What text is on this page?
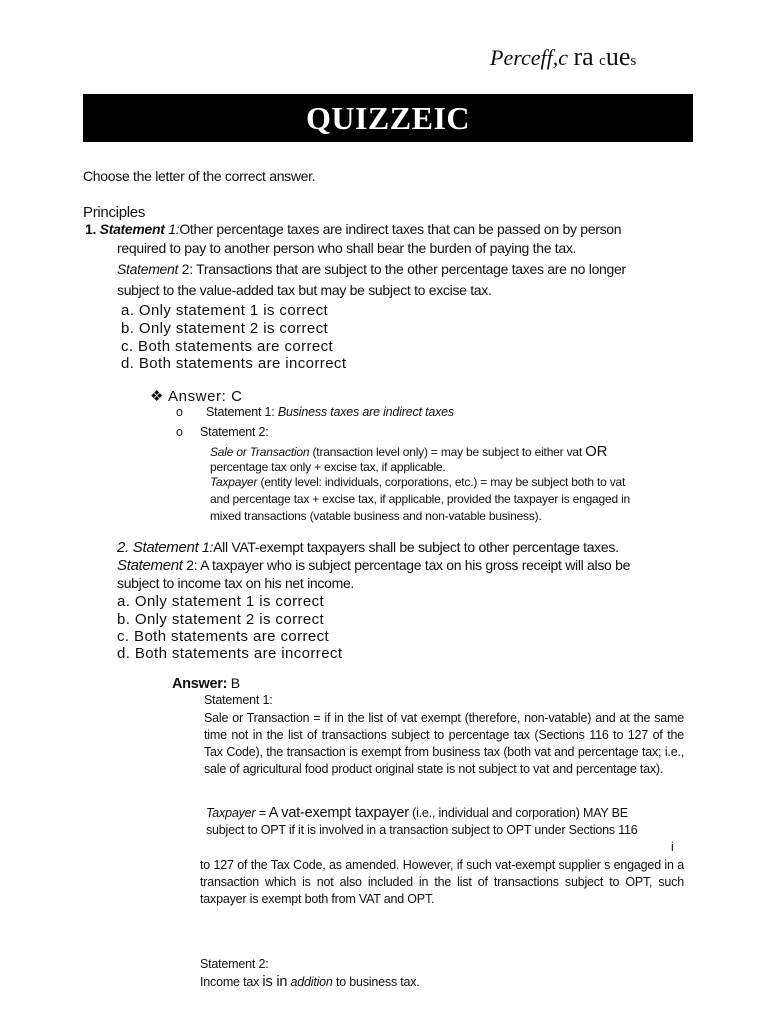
Perceff,c ra cues
QUIZZEIC
Choose the letter of the correct answer.
Principles
1. Statement 1:Other percentage taxes are indirect taxes that can be passed on by person
required to pay to another person who shall bear the burden of paying the tax.
Statement 2: Transactions that are subject to the other percentage taxes are no longer
subject to the value-added tax but may be subject to excise tax.
a. Only statement 1 is correct
b. Only statement 2 is correct
c. Both statements are correct
d. Both statements are incorrect
❖ Answer: C
o Statement 1: Business taxes are indirect taxes
o Statement 2:
Sale or Transaction (transaction level only) = may be subject to either vat OR
percentage tax only + excise tax, if applicable.
Taxpayer (entity level: individuals, corporations, etc.) = may be subject both to vat
and percentage tax + excise tax, if applicable, provided the taxpayer is engaged in
mixed transactions (vatable business and non-vatable business).
2. Statement 1:All VAT-exempt taxpayers shall be subject to other percentage taxes.
Statement 2: A taxpayer who is subject percentage tax on his gross receipt will also be
subject to income tax on his net income.
a. Only statement 1 is correct
b. Only statement 2 is correct
c. Both statements are correct
d. Both statements are incorrect
Answer: B
Statement 1:
Sale or Transaction = if in the list of vat exempt (therefore, non-vatable) and at the same time not in the list of transactions subject to percentage tax (Sections 116 to 127 of the Tax Code), the transaction is exempt from business tax (both vat and percentage tax; i.e., sale of agricultural food product original state is not subject to vat and percentage tax).
Taxpayer = A vat-exempt taxpayer (i.e., individual and corporation) MAY BE
subject to OPT if it is involved in a transaction subject to OPT under Sections 116
i
to 127 of the Tax Code, as amended. However, if such vat-exempt supplier s engaged in a transaction which is not also included in the list of transactions subject to OPT, such taxpayer is exempt both from VAT and OPT.
Statement 2:
Income tax is in addition to business tax.
